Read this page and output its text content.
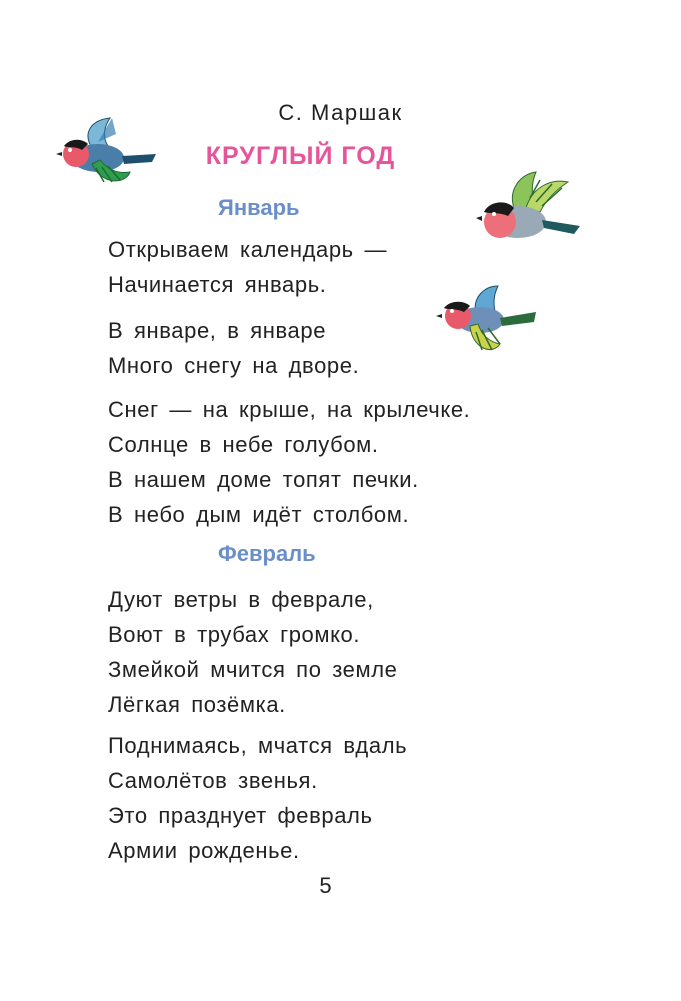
С. Маршак
КРУГЛЫЙ ГОД
Январь
Открываем календарь —
Начинается январь.
В январе, в январе
Много снегу на дворе.
Снег — на крыше, на крылечке.
Солнце в небе голубом.
В нашем доме топят печки.
В небо дым идёт столбом.
Февраль
Дуют ветры в феврале,
Воют в трубах громко.
Змейкой мчится по земле
Лёгкая позёмка.
Поднимаясь, мчатся вдаль
Самолётов звенья.
Это празднует февраль
Армии рожденье.
5
